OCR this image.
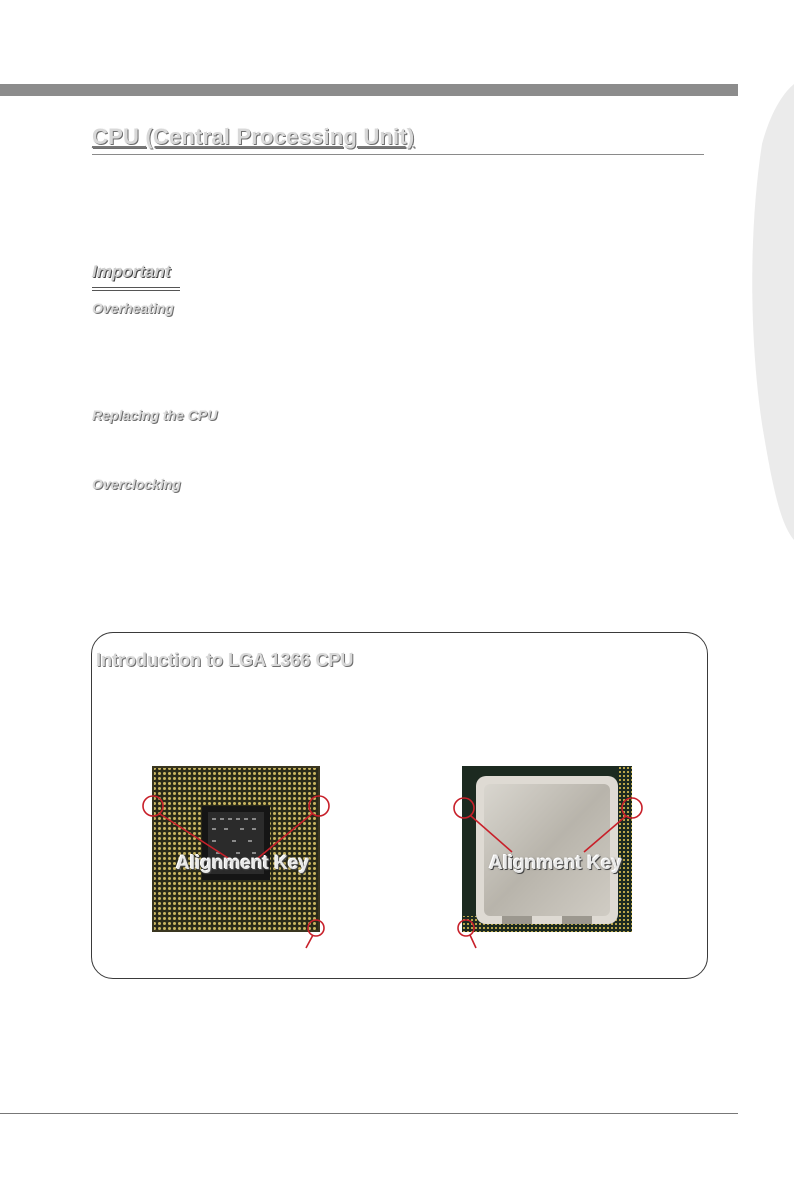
CPU (Central Processing Unit)
Important
Overheating
Replacing the CPU
Overclocking
Introduction to LGA 1366 CPU
Alignment Key	Alignment Key
